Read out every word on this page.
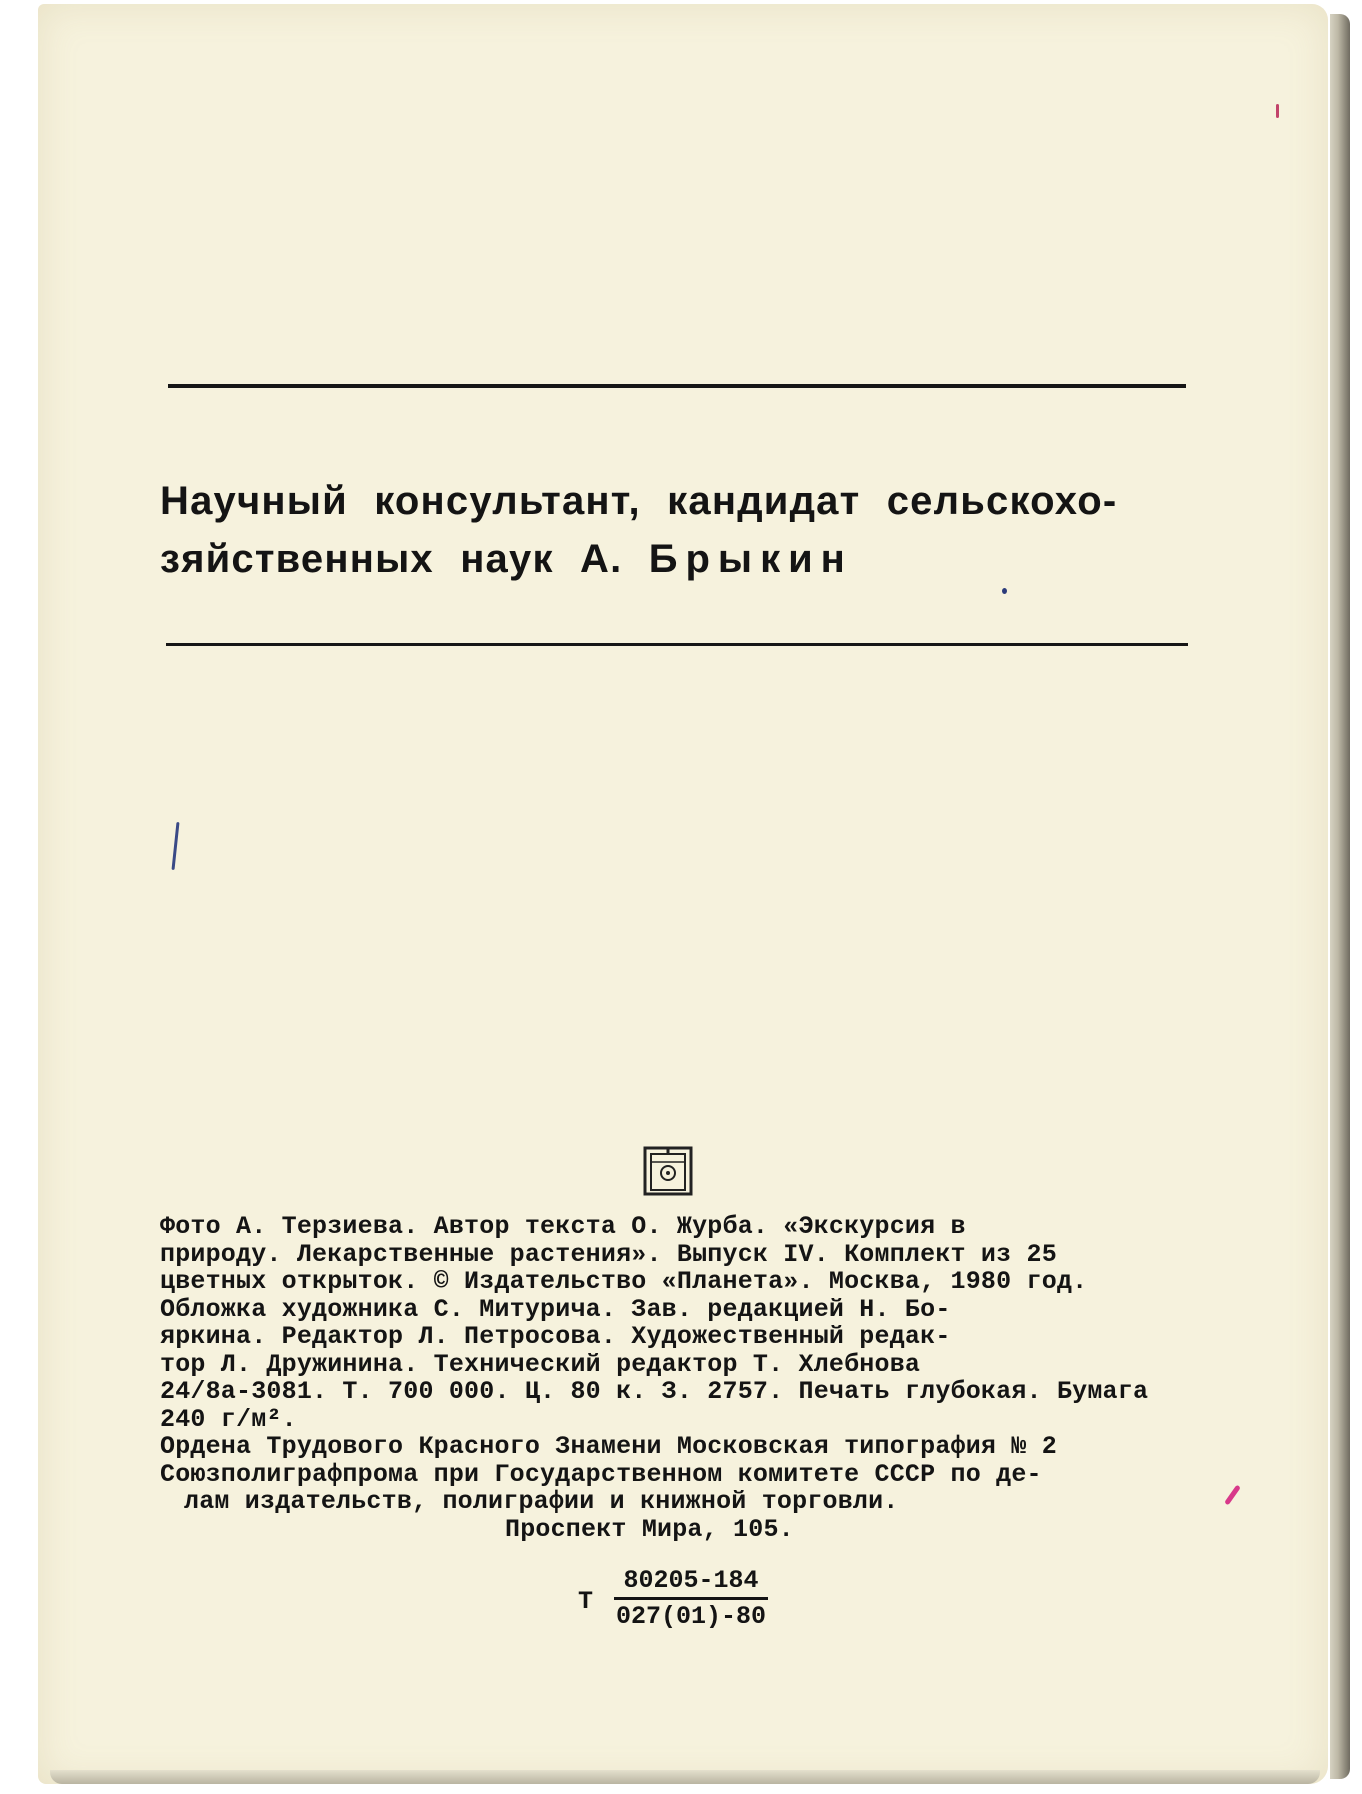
Научный консультант, кандидат сельскохо-
зяйственных наук А. Брыкин
Фото А. Терзиева. Автор текста О. Журба. «Экскурсия в
природу. Лекарственные растения». Выпуск IV. Комплект из 25
цветных открыток. © Издательство «Планета». Москва, 1980 год.
Обложка художника С. Митурича. Зав. редакцией Н. Бо-
яркина. Редактор Л. Петросова. Художественный редак-
тор Л. Дружинина. Технический редактор Т. Хлебнова
24/8а-3081. Т. 700 000. Ц. 80 к. З. 2757. Печать глубокая. Бумага
240 г/м².
Ордена Трудового Красного Знамени Московская типография № 2
Союзполиграфпрома при Государственном комитете СССР по де-
лам издательств, полиграфии и книжной торговли.
Проспект Мира, 105.
Т $\frac{80205-184}{027(01)-80}$
